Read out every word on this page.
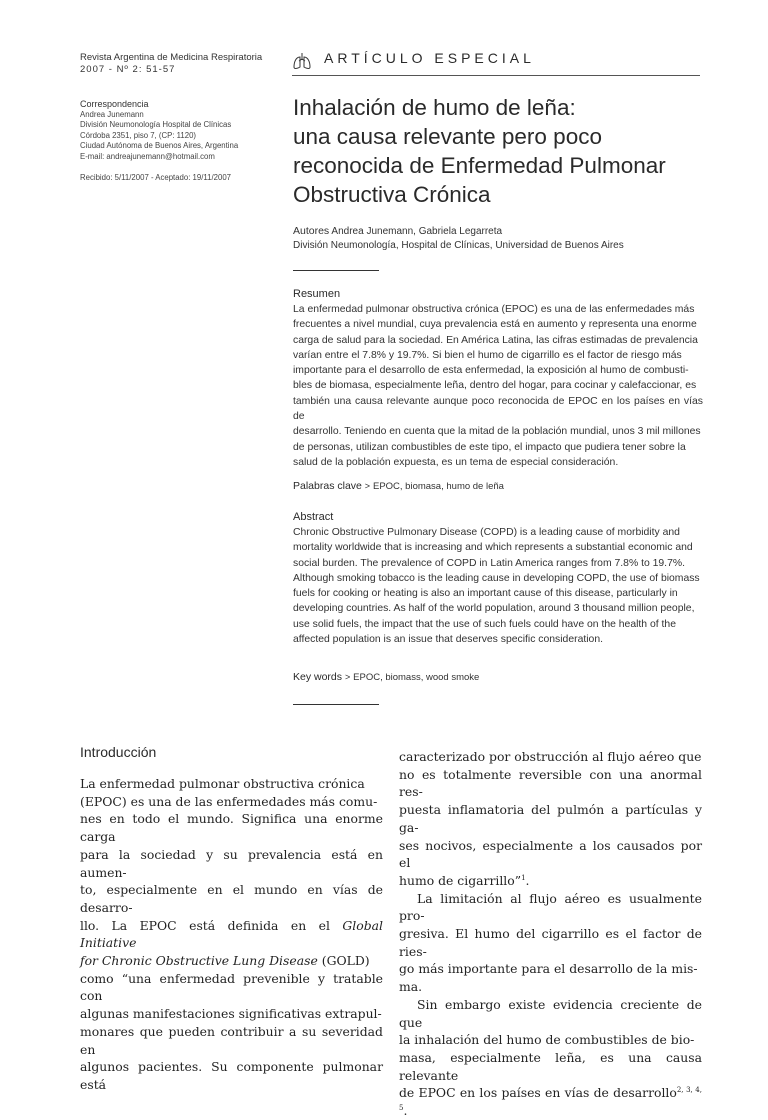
Revista Argentina de Medicina Respiratoria
2007 - Nº 2: 51-57
ARTÍCULO ESPECIAL
Correspondencia
Andrea Junemann
División Neumonología Hospital de Clínicas
Córdoba 2351, piso 7, (CP: 1120)
Ciudad Autónoma de Buenos Aires, Argentina
E-mail: andreajunemann@hotmail.com
Recibido: 5/11/2007 - Aceptado: 19/11/2007
Inhalación de humo de leña:
una causa relevante pero poco
reconocida de Enfermedad Pulmonar
Obstructiva Crónica
Autores Andrea Junemann, Gabriela Legarreta
División Neumonología, Hospital de Clínicas, Universidad de Buenos Aires
Resumen
La enfermedad pulmonar obstructiva crónica (EPOC) es una de las enfermedades más
frecuentes a nivel mundial, cuya prevalencia está en aumento y representa una enorme
carga de salud para la sociedad. En América Latina, las cifras estimadas de prevalencia
varían entre el 7.8% y 19.7%. Si bien el humo de cigarrillo es el factor de riesgo más
importante para el desarrollo de esta enfermedad, la exposición al humo de combusti-
bles de biomasa, especialmente leña, dentro del hogar, para cocinar y calefaccionar, es
también una causa relevante aunque poco reconocida de EPOC en los países en vías de
desarrollo. Teniendo en cuenta que la mitad de la población mundial, unos 3 mil millones
de personas, utilizan combustibles de este tipo, el impacto que pudiera tener sobre la
salud de la población expuesta, es un tema de especial consideración.
Palabras clave > EPOC, biomasa, humo de leña
Abstract
Chronic Obstructive Pulmonary Disease (COPD) is a leading cause of morbidity and
mortality worldwide that is increasing and which represents a substantial economic and
social burden. The prevalence of COPD in Latin America ranges from 7.8% to 19.7%.
Although smoking tobacco is the leading cause in developing COPD, the use of biomass
fuels for cooking or heating is also an important cause of this disease, particularly in
developing countries. As half of the world population, around 3 thousand million people,
use solid fuels, the impact that the use of such fuels could have on the health of the
affected population is an issue that deserves specific consideration.
Key words > EPOC, biomass, wood smoke
Introducción
La enfermedad pulmonar obstructiva crónica
(EPOC) es una de las enfermedades más comu-
nes en todo el mundo. Significa una enorme carga
para la sociedad y su prevalencia está en aumen-
to, especialmente en el mundo en vías de desarro-
llo. La EPOC está definida en el Global Initiative
for Chronic Obstructive Lung Disease (GOLD)
como “una enfermedad prevenible y tratable con
algunas manifestaciones significativas extrapul-
monares que pueden contribuir a su severidad en
algunos pacientes. Su componente pulmonar está
caracterizado por obstrucción al flujo aéreo que
no es totalmente reversible con una anormal res-
puesta inflamatoria del pulmón a partículas y ga-
ses nocivos, especialmente a los causados por el
humo de cigarrillo”$^1$.
La limitación al flujo aéreo es usualmente pro-
gresiva. El humo del cigarrillo es el factor de ries-
go más importante para el desarrollo de la mis-
ma.
Sin embargo existe evidencia creciente de que
la inhalación del humo de combustibles de bio-
masa, especialmente leña, es una causa relevante
de EPOC en los países en vías de desarrollo$^{2, 3, 4, 5}$.
